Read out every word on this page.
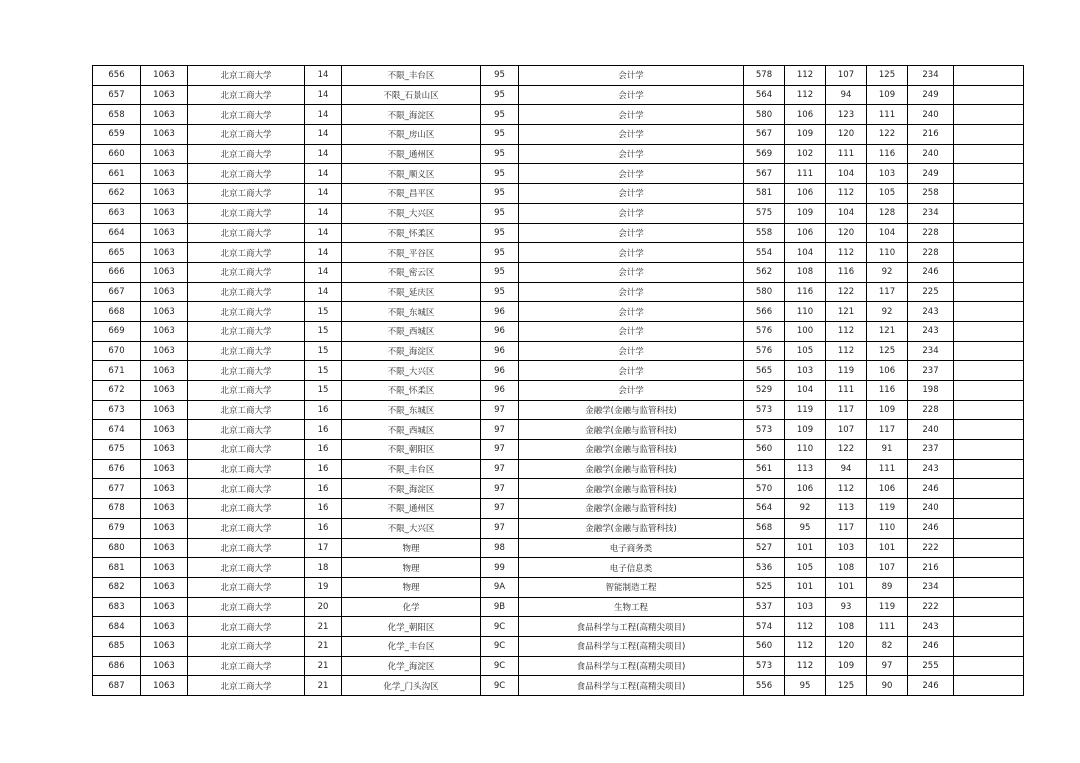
656	1063	北京工商大学	14	不限_丰台区	95	会计学	578	112	107	125	234	
657	1063	北京工商大学	14	不限_石景山区	95	会计学	564	112	94	109	249	
658	1063	北京工商大学	14	不限_海淀区	95	会计学	580	106	123	111	240	
659	1063	北京工商大学	14	不限_房山区	95	会计学	567	109	120	122	216	
660	1063	北京工商大学	14	不限_通州区	95	会计学	569	102	111	116	240	
661	1063	北京工商大学	14	不限_顺义区	95	会计学	567	111	104	103	249	
662	1063	北京工商大学	14	不限_昌平区	95	会计学	581	106	112	105	258	
663	1063	北京工商大学	14	不限_大兴区	95	会计学	575	109	104	128	234	
664	1063	北京工商大学	14	不限_怀柔区	95	会计学	558	106	120	104	228	
665	1063	北京工商大学	14	不限_平谷区	95	会计学	554	104	112	110	228	
666	1063	北京工商大学	14	不限_密云区	95	会计学	562	108	116	92	246	
667	1063	北京工商大学	14	不限_延庆区	95	会计学	580	116	122	117	225	
668	1063	北京工商大学	15	不限_东城区	96	会计学	566	110	121	92	243	
669	1063	北京工商大学	15	不限_西城区	96	会计学	576	100	112	121	243	
670	1063	北京工商大学	15	不限_海淀区	96	会计学	576	105	112	125	234	
671	1063	北京工商大学	15	不限_大兴区	96	会计学	565	103	119	106	237	
672	1063	北京工商大学	15	不限_怀柔区	96	会计学	529	104	111	116	198	
673	1063	北京工商大学	16	不限_东城区	97	金融学(金融与监管科技)	573	119	117	109	228	
674	1063	北京工商大学	16	不限_西城区	97	金融学(金融与监管科技)	573	109	107	117	240	
675	1063	北京工商大学	16	不限_朝阳区	97	金融学(金融与监管科技)	560	110	122	91	237	
676	1063	北京工商大学	16	不限_丰台区	97	金融学(金融与监管科技)	561	113	94	111	243	
677	1063	北京工商大学	16	不限_海淀区	97	金融学(金融与监管科技)	570	106	112	106	246	
678	1063	北京工商大学	16	不限_通州区	97	金融学(金融与监管科技)	564	92	113	119	240	
679	1063	北京工商大学	16	不限_大兴区	97	金融学(金融与监管科技)	568	95	117	110	246	
680	1063	北京工商大学	17	物理	98	电子商务类	527	101	103	101	222	
681	1063	北京工商大学	18	物理	99	电子信息类	536	105	108	107	216	
682	1063	北京工商大学	19	物理	9A	智能制造工程	525	101	101	89	234	
683	1063	北京工商大学	20	化学	9B	生物工程	537	103	93	119	222	
684	1063	北京工商大学	21	化学_朝阳区	9C	食品科学与工程(高精尖项目)	574	112	108	111	243	
685	1063	北京工商大学	21	化学_丰台区	9C	食品科学与工程(高精尖项目)	560	112	120	82	246	
686	1063	北京工商大学	21	化学_海淀区	9C	食品科学与工程(高精尖项目)	573	112	109	97	255	
687	1063	北京工商大学	21	化学_门头沟区	9C	食品科学与工程(高精尖项目)	556	95	125	90	246	
